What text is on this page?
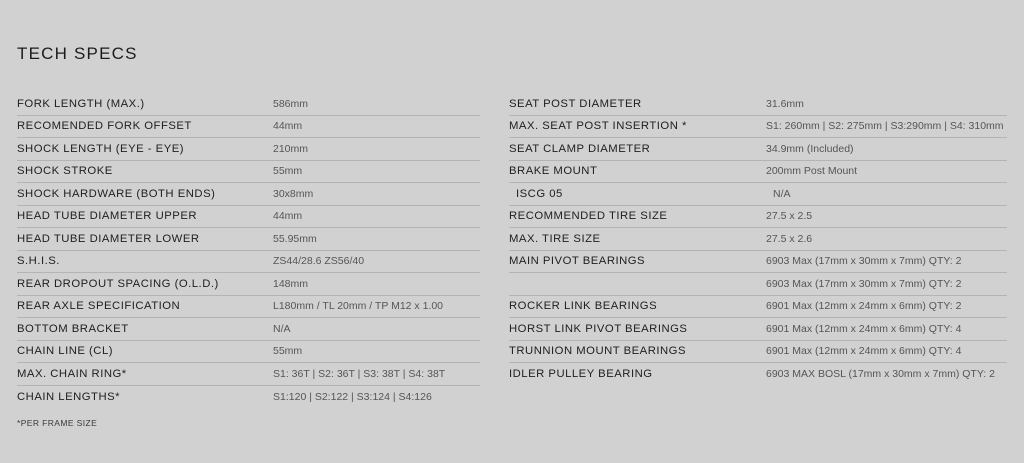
TECH SPECS
FORK LENGTH (MAX.)	586mm
RECOMENDED FORK OFFSET	44mm
SHOCK LENGTH (EYE - EYE)	210mm
SHOCK STROKE	55mm
SHOCK HARDWARE (BOTH ENDS)	30x8mm
HEAD TUBE DIAMETER UPPER	44mm
HEAD TUBE DIAMETER LOWER	55.95mm
S.H.I.S.	ZS44/28.6 ZS56/40
REAR DROPOUT SPACING (O.L.D.)	148mm
REAR AXLE SPECIFICATION	L180mm / TL 20mm / TP M12 x 1.00
BOTTOM BRACKET	N/A
CHAIN LINE (CL)	55mm
MAX. CHAIN RING*	S1: 36T | S2: 36T | S3: 38T | S4: 38T
CHAIN LENGTHS*	S1:120 | S2:122 | S3:124 | S4:126
SEAT POST DIAMETER	31.6mm
MAX. SEAT POST INSERTION *	S1: 260mm | S2: 275mm | S3:290mm | S4: 310mm
SEAT CLAMP DIAMETER	34.9mm (Included)
BRAKE MOUNT	200mm Post Mount
ISCG 05	N/A
RECOMMENDED TIRE SIZE	27.5 x 2.5
MAX. TIRE SIZE	27.5 x 2.6
MAIN PIVOT BEARINGS	6903 Max (17mm x 30mm x 7mm) QTY: 2
6903 Max (17mm x 30mm x 7mm) QTY: 2
ROCKER LINK BEARINGS	6901 Max (12mm x 24mm x 6mm) QTY: 2
HORST LINK PIVOT BEARINGS	6901 Max (12mm x 24mm x 6mm) QTY: 4
TRUNNION MOUNT BEARINGS	6901 Max (12mm x 24mm x 6mm) QTY: 4
IDLER PULLEY BEARING	6903 MAX BOSL (17mm x 30mm x 7mm) QTY: 2
*PER FRAME SIZE
